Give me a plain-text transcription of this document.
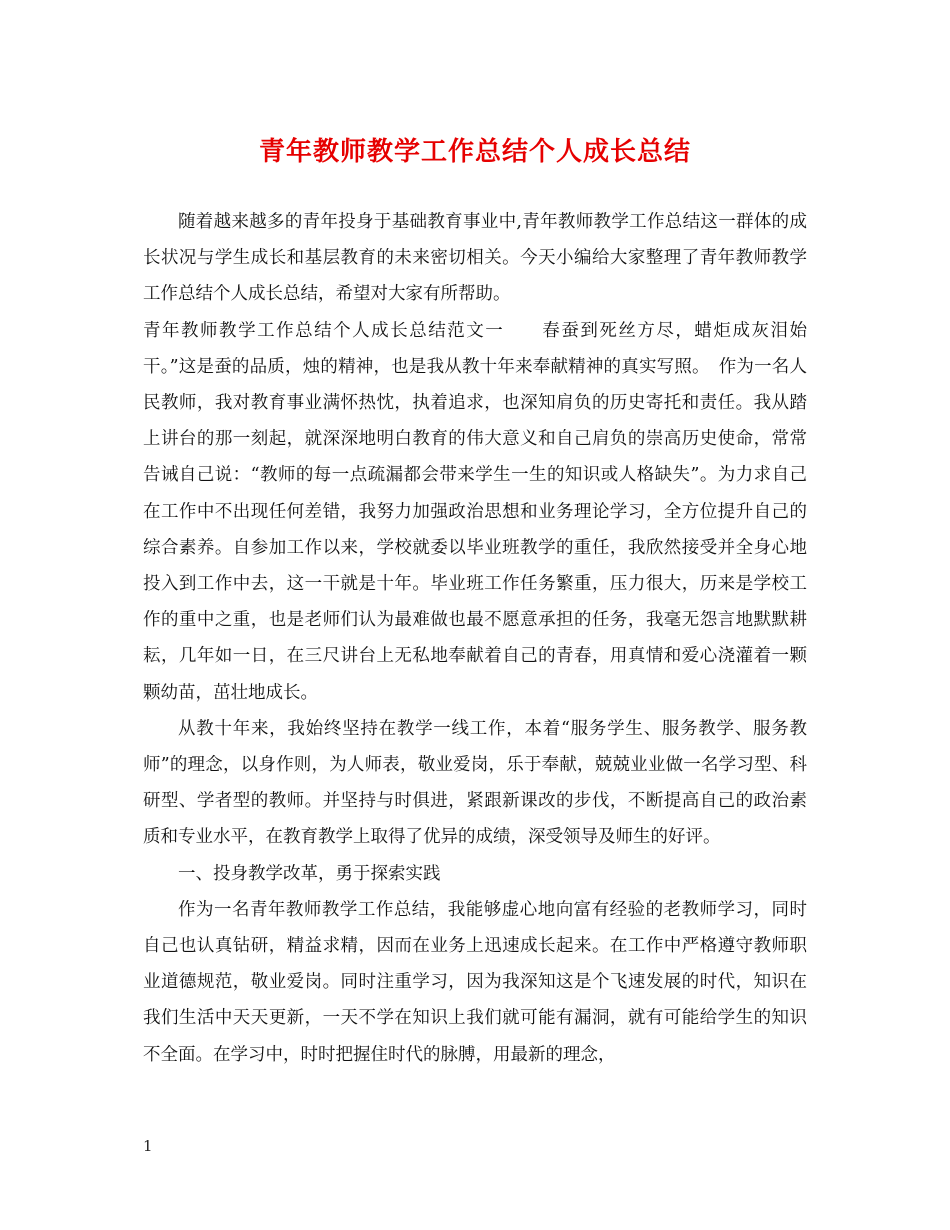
青年教师教学工作总结个人成长总结

随着越来越多的青年投身于基础教育事业中,青年教师教学工作总结这一群体的成长状况与学生成长和基层教育的未来密切相关。今天小编给大家整理了青年教师教学工作总结个人成长总结，希望对大家有所帮助。

青年教师教学工作总结个人成长总结范文一　　春蚕到死丝方尽，蜡炬成灰泪始干。”这是蚕的品质，烛的精神，也是我从教十年来奉献精神的真实写照。　作为一名人民教师，我对教育事业满怀热忱，执着追求，也深知肩负的历史寄托和责任。我从踏上讲台的那一刻起，就深深地明白教育的伟大意义和自己肩负的崇高历史使命，常常告诫自己说：“教师的每一点疏漏都会带来学生一生的知识或人格缺失”。为力求自己在工作中不出现任何差错，我努力加强政治思想和业务理论学习，全方位提升自己的综合素养。自参加工作以来，学校就委以毕业班教学的重任，我欣然接受并全身心地投入到工作中去，这一干就是十年。毕业班工作任务繁重，压力很大，历来是学校工作的重中之重，也是老师们认为最难做也最不愿意承担的任务，我毫无怨言地默默耕耘，几年如一日，在三尺讲台上无私地奉献着自己的青春，用真情和爱心浇灌着一颗颗幼苗，茁壮地成长。

从教十年来，我始终坚持在教学一线工作，本着“服务学生、服务教学、服务教师”的理念，以身作则，为人师表，敬业爱岗，乐于奉献，兢兢业业做一名学习型、科研型、学者型的教师。并坚持与时俱进，紧跟新课改的步伐，不断提高自己的政治素质和专业水平，在教育教学上取得了优异的成绩，深受领导及师生的好评。

一、投身教学改革，勇于探索实践

作为一名青年教师教学工作总结，我能够虚心地向富有经验的老教师学习，同时自己也认真钻研，精益求精，因而在业务上迅速成长起来。在工作中严格遵守教师职业道德规范，敬业爱岗。同时注重学习，因为我深知这是个飞速发展的时代，知识在我们生活中天天更新，一天不学在知识上我们就可能有漏洞，就有可能给学生的知识不全面。在学习中，时时把握住时代的脉膊，用最新的理念，

1
